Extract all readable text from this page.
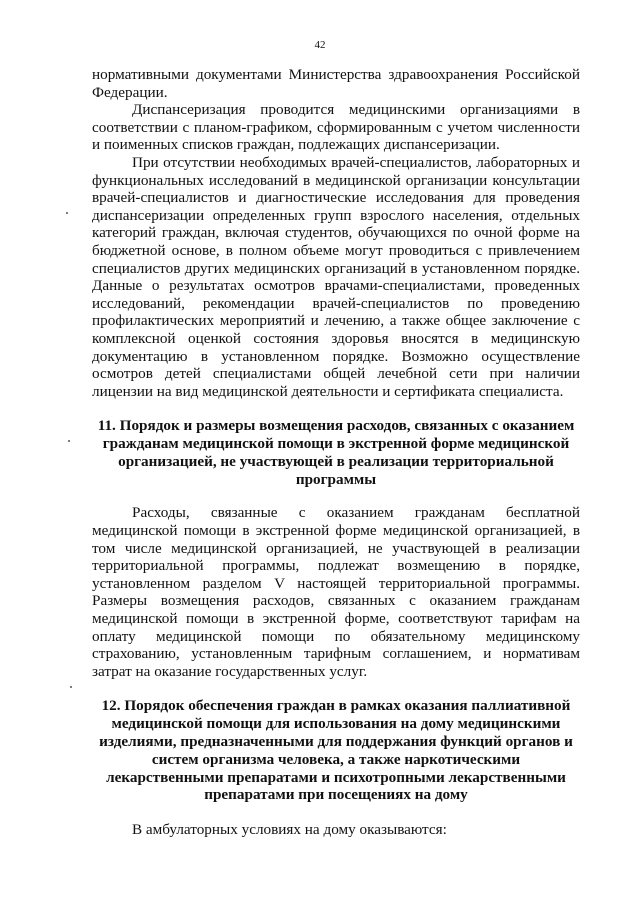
42

нормативными документами Министерства здравоохранения Российской Федерации.

Диспансеризация проводится медицинскими организациями в соответствии с планом-графиком, сформированным с учетом численности и поименных списков граждан, подлежащих диспансеризации.

При отсутствии необходимых врачей-специалистов, лабораторных и функциональных исследований в медицинской организации консультации врачей-специалистов и диагностические исследования для проведения диспансеризации определенных групп взрослого населения, отдельных категорий граждан, включая студентов, обучающихся по очной форме на бюджетной основе, в полном объеме могут проводиться с привлечением специалистов других медицинских организаций в установленном порядке. Данные о результатах осмотров врачами-специалистами, проведенных исследований, рекомендации врачей-специалистов по проведению профилактических мероприятий и лечению, а также общее заключение с комплексной оценкой состояния здоровья вносятся в медицинскую документацию в установленном порядке. Возможно осуществление осмотров детей специалистами общей лечебной сети при наличии лицензии на вид медицинской деятельности и сертификата специалиста.

11. Порядок и размеры возмещения расходов, связанных с оказанием гражданам медицинской помощи в экстренной форме медицинской организацией, не участвующей в реализации территориальной программы

Расходы, связанные с оказанием гражданам бесплатной медицинской помощи в экстренной форме медицинской организацией, в том числе медицинской организацией, не участвующей в реализации территориальной программы, подлежат возмещению в порядке, установленном разделом V настоящей территориальной программы. Размеры возмещения расходов, связанных с оказанием гражданам медицинской помощи в экстренной форме, соответствуют тарифам на оплату медицинской помощи по обязательному медицинскому страхованию, установленным тарифным соглашением, и нормативам затрат на оказание государственных услуг.

12. Порядок обеспечения граждан в рамках оказания паллиативной медицинской помощи для использования на дому медицинскими изделиями, предназначенными для поддержания функций органов и систем организма человека, а также наркотическими лекарственными препаратами и психотропными лекарственными препаратами при посещениях на дому

В амбулаторных условиях на дому оказываются:
